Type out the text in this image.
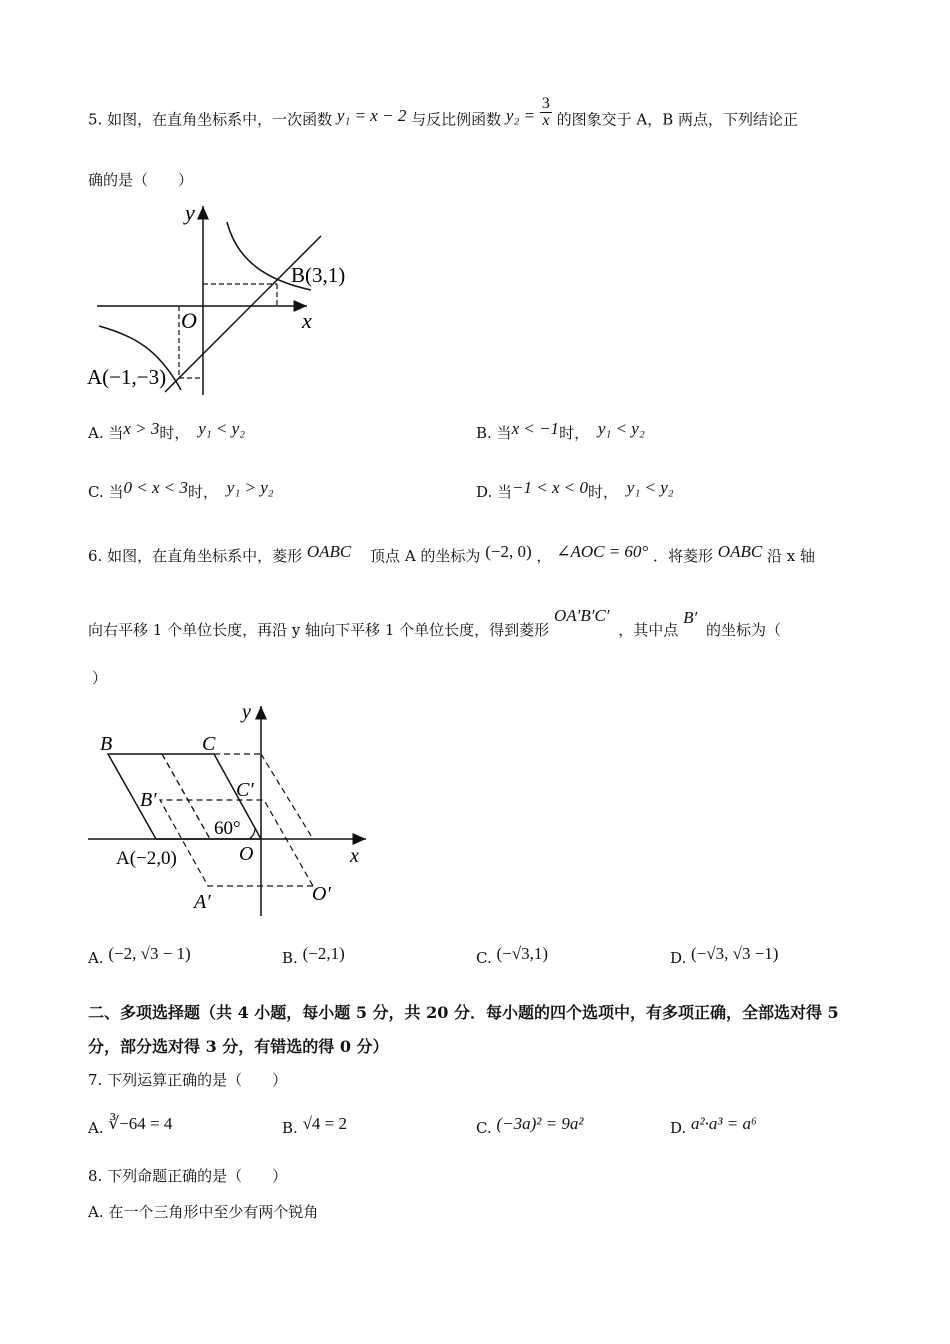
5. 如图，在直角坐标系中，一次函数 y₁ = x − 2 与反比例函数 $y_2 = \frac{3}{x}$ 的图象交于 A，B 两点，下列结论正
确的是（　　）
y
x
O
B(3,1)
A(−1,−3)
A. 当x > 3时， y₁ < y₂	B. 当x < −1时， y₁ < y₂
C. 当0 < x < 3时， y₁ > y₂	D. 当−1 < x < 0时， y₁ < y₂
6. 如图，在直角坐标系中，菱形 OABC 顶点 A 的坐标为 (−2, 0) ， ∠AOC = 60° ．将菱形 OABC 沿 x 轴
向右平移 1 个单位长度，再沿 y 轴向下平移 1 个单位长度，得到菱形 OA′B′C′ ，其中点 B′ 的坐标为（
）
y
x
O
B	C
B′	C′
60°
A(−2,0)
A′	O′
A. (−2, √3 − 1)	B. (−2,1)	C. (−√3,1)	D. (−√3, √3 −1)
二、多项选择题（共 4 小题，每小题 5 分，共 20 分．每小题的四个选项中，有多项正确，全部选对得 5 分，部分选对得 3 分，有错选的得 0 分）
7. 下列运算正确的是（　　）
A. ∛−64 = 4	B. √4 = 2	C. (−3a)² = 9a²	D. a²·a³ = a⁶
8. 下列命题正确的是（　　）
A. 在一个三角形中至少有两个锐角
